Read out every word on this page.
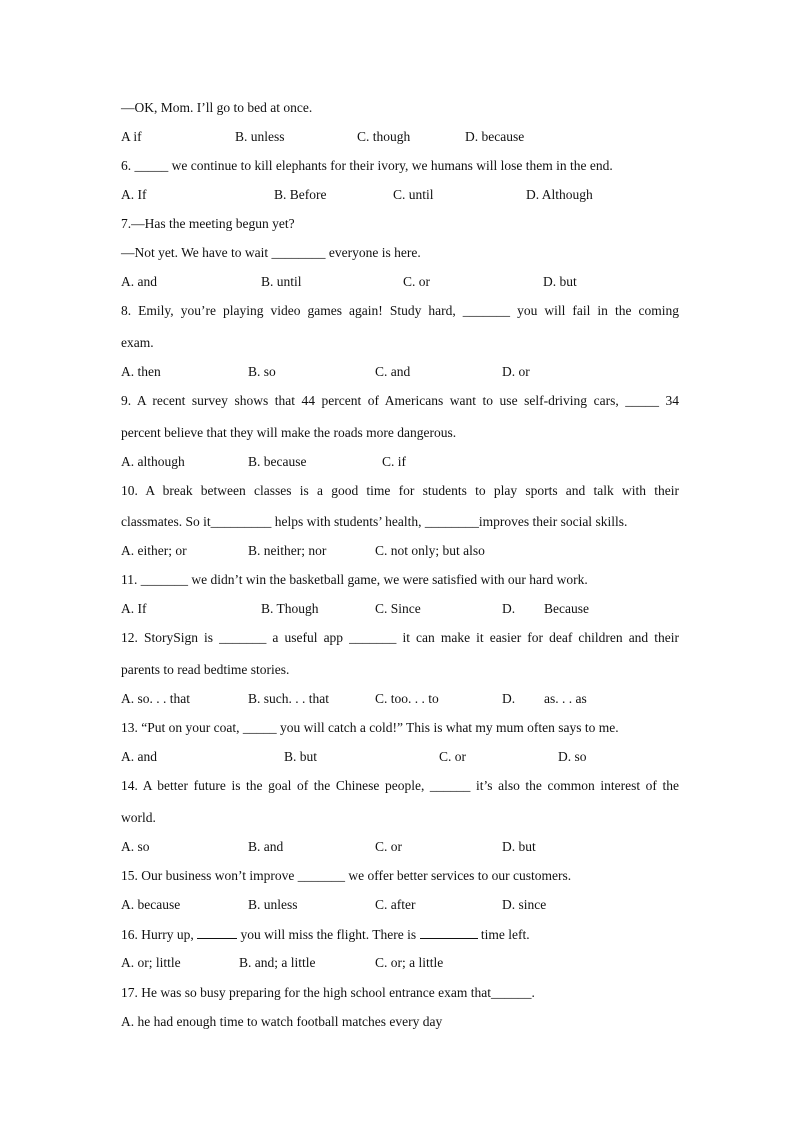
—OK, Mom. I’ll go to bed at once.
A if	B. unless	C. though	D. because
6. _____ we continue to kill elephants for their ivory, we humans will lose them in the end.
A. If	B. Before	C. until	D. Although
7.—Has the meeting begun yet?
—Not yet. We have to wait ________ everyone is here.
A. and	B. until	C. or	D. but
8. Emily, you’re playing video games again! Study hard, _______ you will fail in the coming
exam.
A. then	B. so	C. and	D. or
9. A recent survey shows that 44 percent of Americans want to use self-driving cars, _____ 34
percent believe that they will make the roads more dangerous.
A. although	B. because	C. if
10. A break between classes is a good time for students to play sports and talk with their
classmates. So it_________ helps with students’ health, ________improves their social skills.
A. either; or	B. neither; nor	C. not only; but also
11. _______ we didn’t win the basketball game, we were satisfied with our hard work.
A. If	B. Though	C. Since	D. Because
12. StorySign is _______ a useful app _______ it can make it easier for deaf children and their
parents to read bedtime stories.
A. so. . . that	B. such. . . that	C. too. . . to	D. as. . . as
13. “Put on your coat, _____ you will catch a cold!” This is what my mum often says to me.
A. and	B. but	C. or	D. so
14. A better future is the goal of the Chinese people, ______ it’s also the common interest of the
world.
A. so	B. and	C. or	D. but
15. Our business won’t improve _______ we offer better services to our customers.
A. because	B. unless	C. after	D. since
16. Hurry up,	you will miss the flight. There is	time left.
A. or; little	B. and; a little	C. or; a little
17. He was so busy preparing for the high school entrance exam that______.
A. he had enough time to watch football matches every day
